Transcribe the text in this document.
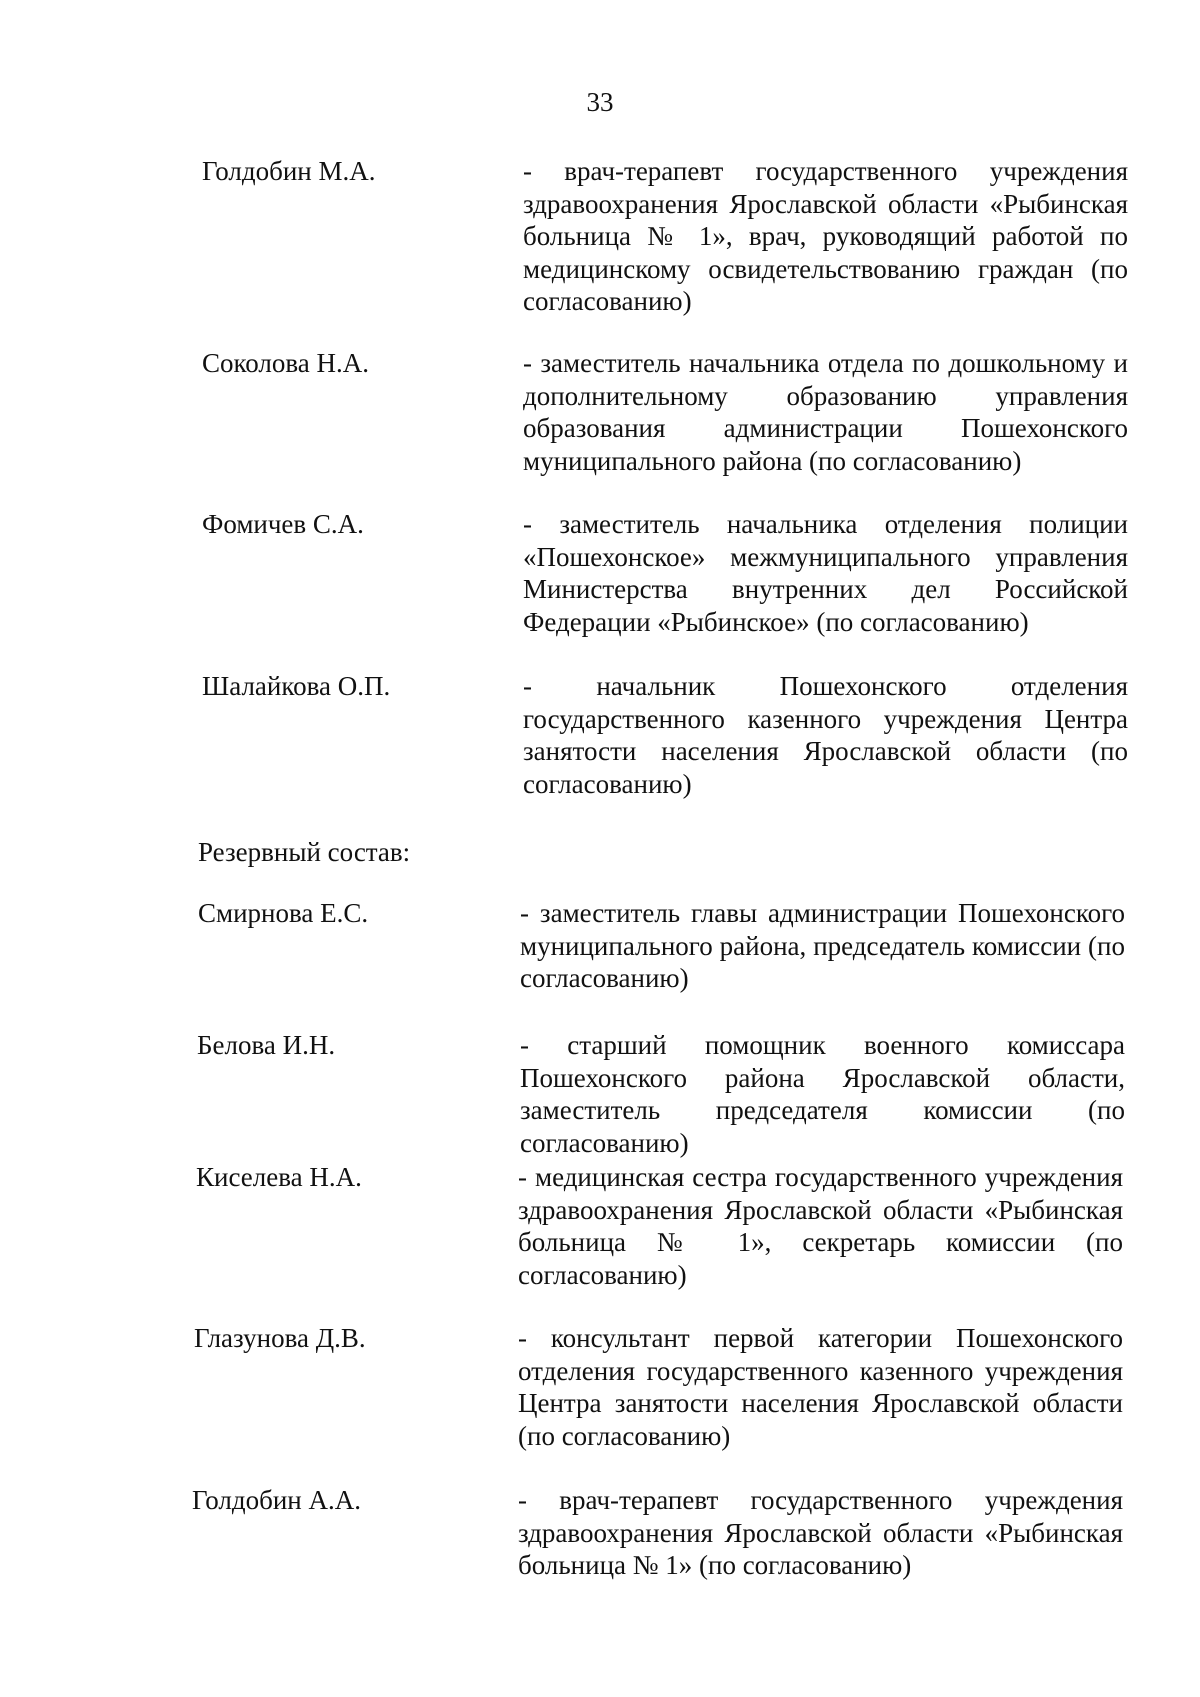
33
Голдобин М.А.	- врач-терапевт государственного учреждения здравоохранения Ярославской области «Рыбинская больница № 1», врач, руководящий работой по медицинскому освидетельствованию граждан (по согласованию)
Соколова Н.А.	- заместитель начальника отдела по дошкольному и дополнительному образованию управления образования администрации Пошехонского муниципального района (по согласованию)
Фомичев С.А.	- заместитель начальника отделения полиции «Пошехонское» межмуниципального управления Министерства внутренних дел Российской Федерации «Рыбинское» (по согласованию)
Шалайкова О.П.	- начальник Пошехонского отделения государственного казенного учреждения Центра занятости населения Ярославской области (по согласованию)
Резервный состав:
Смирнова Е.С.	- заместитель главы администрации Пошехонского муниципального района, председатель комиссии (по согласованию)
Белова И.Н.	- старший помощник военного комиссара Пошехонского района Ярославской области, заместитель председателя комиссии (по согласованию)
Киселева Н.А.	- медицинская сестра государственного учреждения здравоохранения Ярославской области «Рыбинская больница № 1», секретарь комиссии (по согласованию)
Глазунова Д.В.	- консультант первой категории Пошехонского отделения государственного казенного учреждения Центра занятости населения Ярославской области (по согласованию)
Голдобин А.А.	- врач-терапевт государственного учреждения здравоохранения Ярославской области «Рыбинская больница № 1» (по согласованию)
